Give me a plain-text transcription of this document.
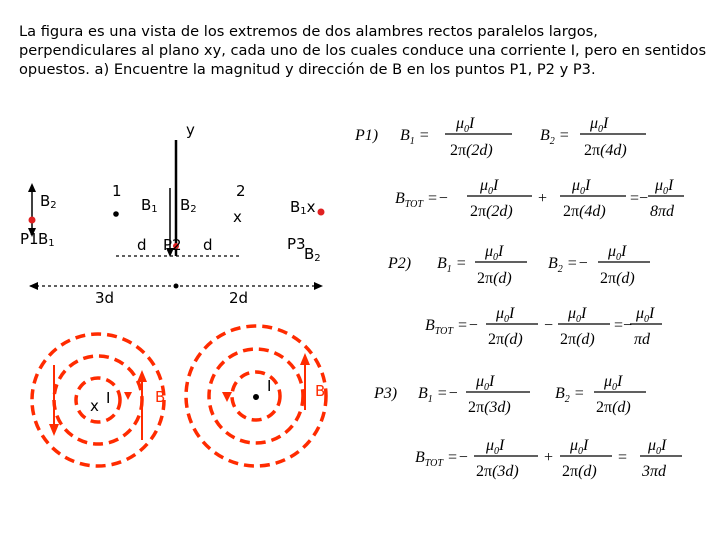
La figura es una vista de los extremos de dos alambres rectos paralelos largos, perpendiculares al plano xy, cada uno de los cuales conduce una corriente I, pero en sentidos opuestos. a) Encuentre la magnitud y dirección de B en los puntos P1, P2 y P3.

y
1	2
x
B2
P1 B1
B1 B2
d P2 d
B1x
P3
B2
3d	2d
x I	B
I	B
P1) $B_1$ =
$\mu_0I$
2π(2d)
$B_2$ =
$\mu_0I$
2π(4d)
$B_{TOT}$ =−
$\mu_0I$
2π(2d)
+
$\mu_0I$
2π(4d)
=−
$\mu_0I$
8πd
P2) $B_1$ =
$\mu_0I$
2π(d)
$B_2$ =−
$\mu_0I$
2π(d)
$B_{TOT}$ =−
$\mu_0I$
2π(d)
−
$\mu_0I$
2π(d)
=−
$\mu_0I$
πd
P3) $B_1$ =−
$\mu_0I$
2π(3d)
$B_2$ =
$\mu_0I$
2π(d)
$B_{TOT}$ =−
$\mu_0I$
2π(3d)
+
$\mu_0I$
2π(d)
=
$\mu_0I$
3πd
